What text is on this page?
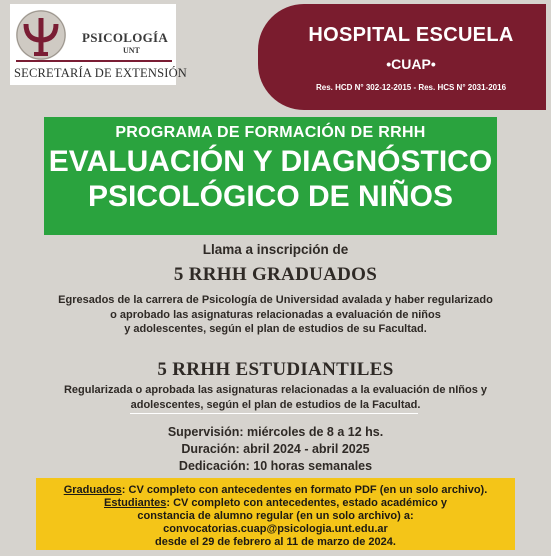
PSICOLOGÍA
UNT
SECRETARÍA DE EXTENSIÓN
HOSPITAL ESCUELA
•CUAP•
Res. HCD N° 302-12-2015 - Res. HCS N° 2031-2016
PROGRAMA DE FORMACIÓN DE RRHH
EVALUACIÓN Y DIAGNÓSTICO
PSICOLÓGICO DE NIÑOS
Llama a inscripción de
5 RRHH GRADUADOS
Egresados de la carrera de Psicología de Universidad avalada y haber regularizado
o aprobado las asignaturas relacionadas a evaluación de niños
y adolescentes, según el plan de estudios de su Facultad.
5 RRHH ESTUDIANTILES
Regularizada o aprobada las asignaturas relacionadas a la evaluación de nIños y
adolescentes, según el plan de estudios de la Facultad.
Supervisión: miércoles de 8 a 12 hs.
Duración: abril 2024 - abril 2025
Dedicación: 10 horas semanales
Graduados: CV completo con antecedentes en formato PDF (en un solo archivo).
Estudiantes: CV completo con antecedentes, estado académico y
constancia de alumno regular (en un solo archivo) a:
convocatorias.cuap@psicologia.unt.edu.ar
desde el 29 de febrero al 11 de marzo de 2024.
